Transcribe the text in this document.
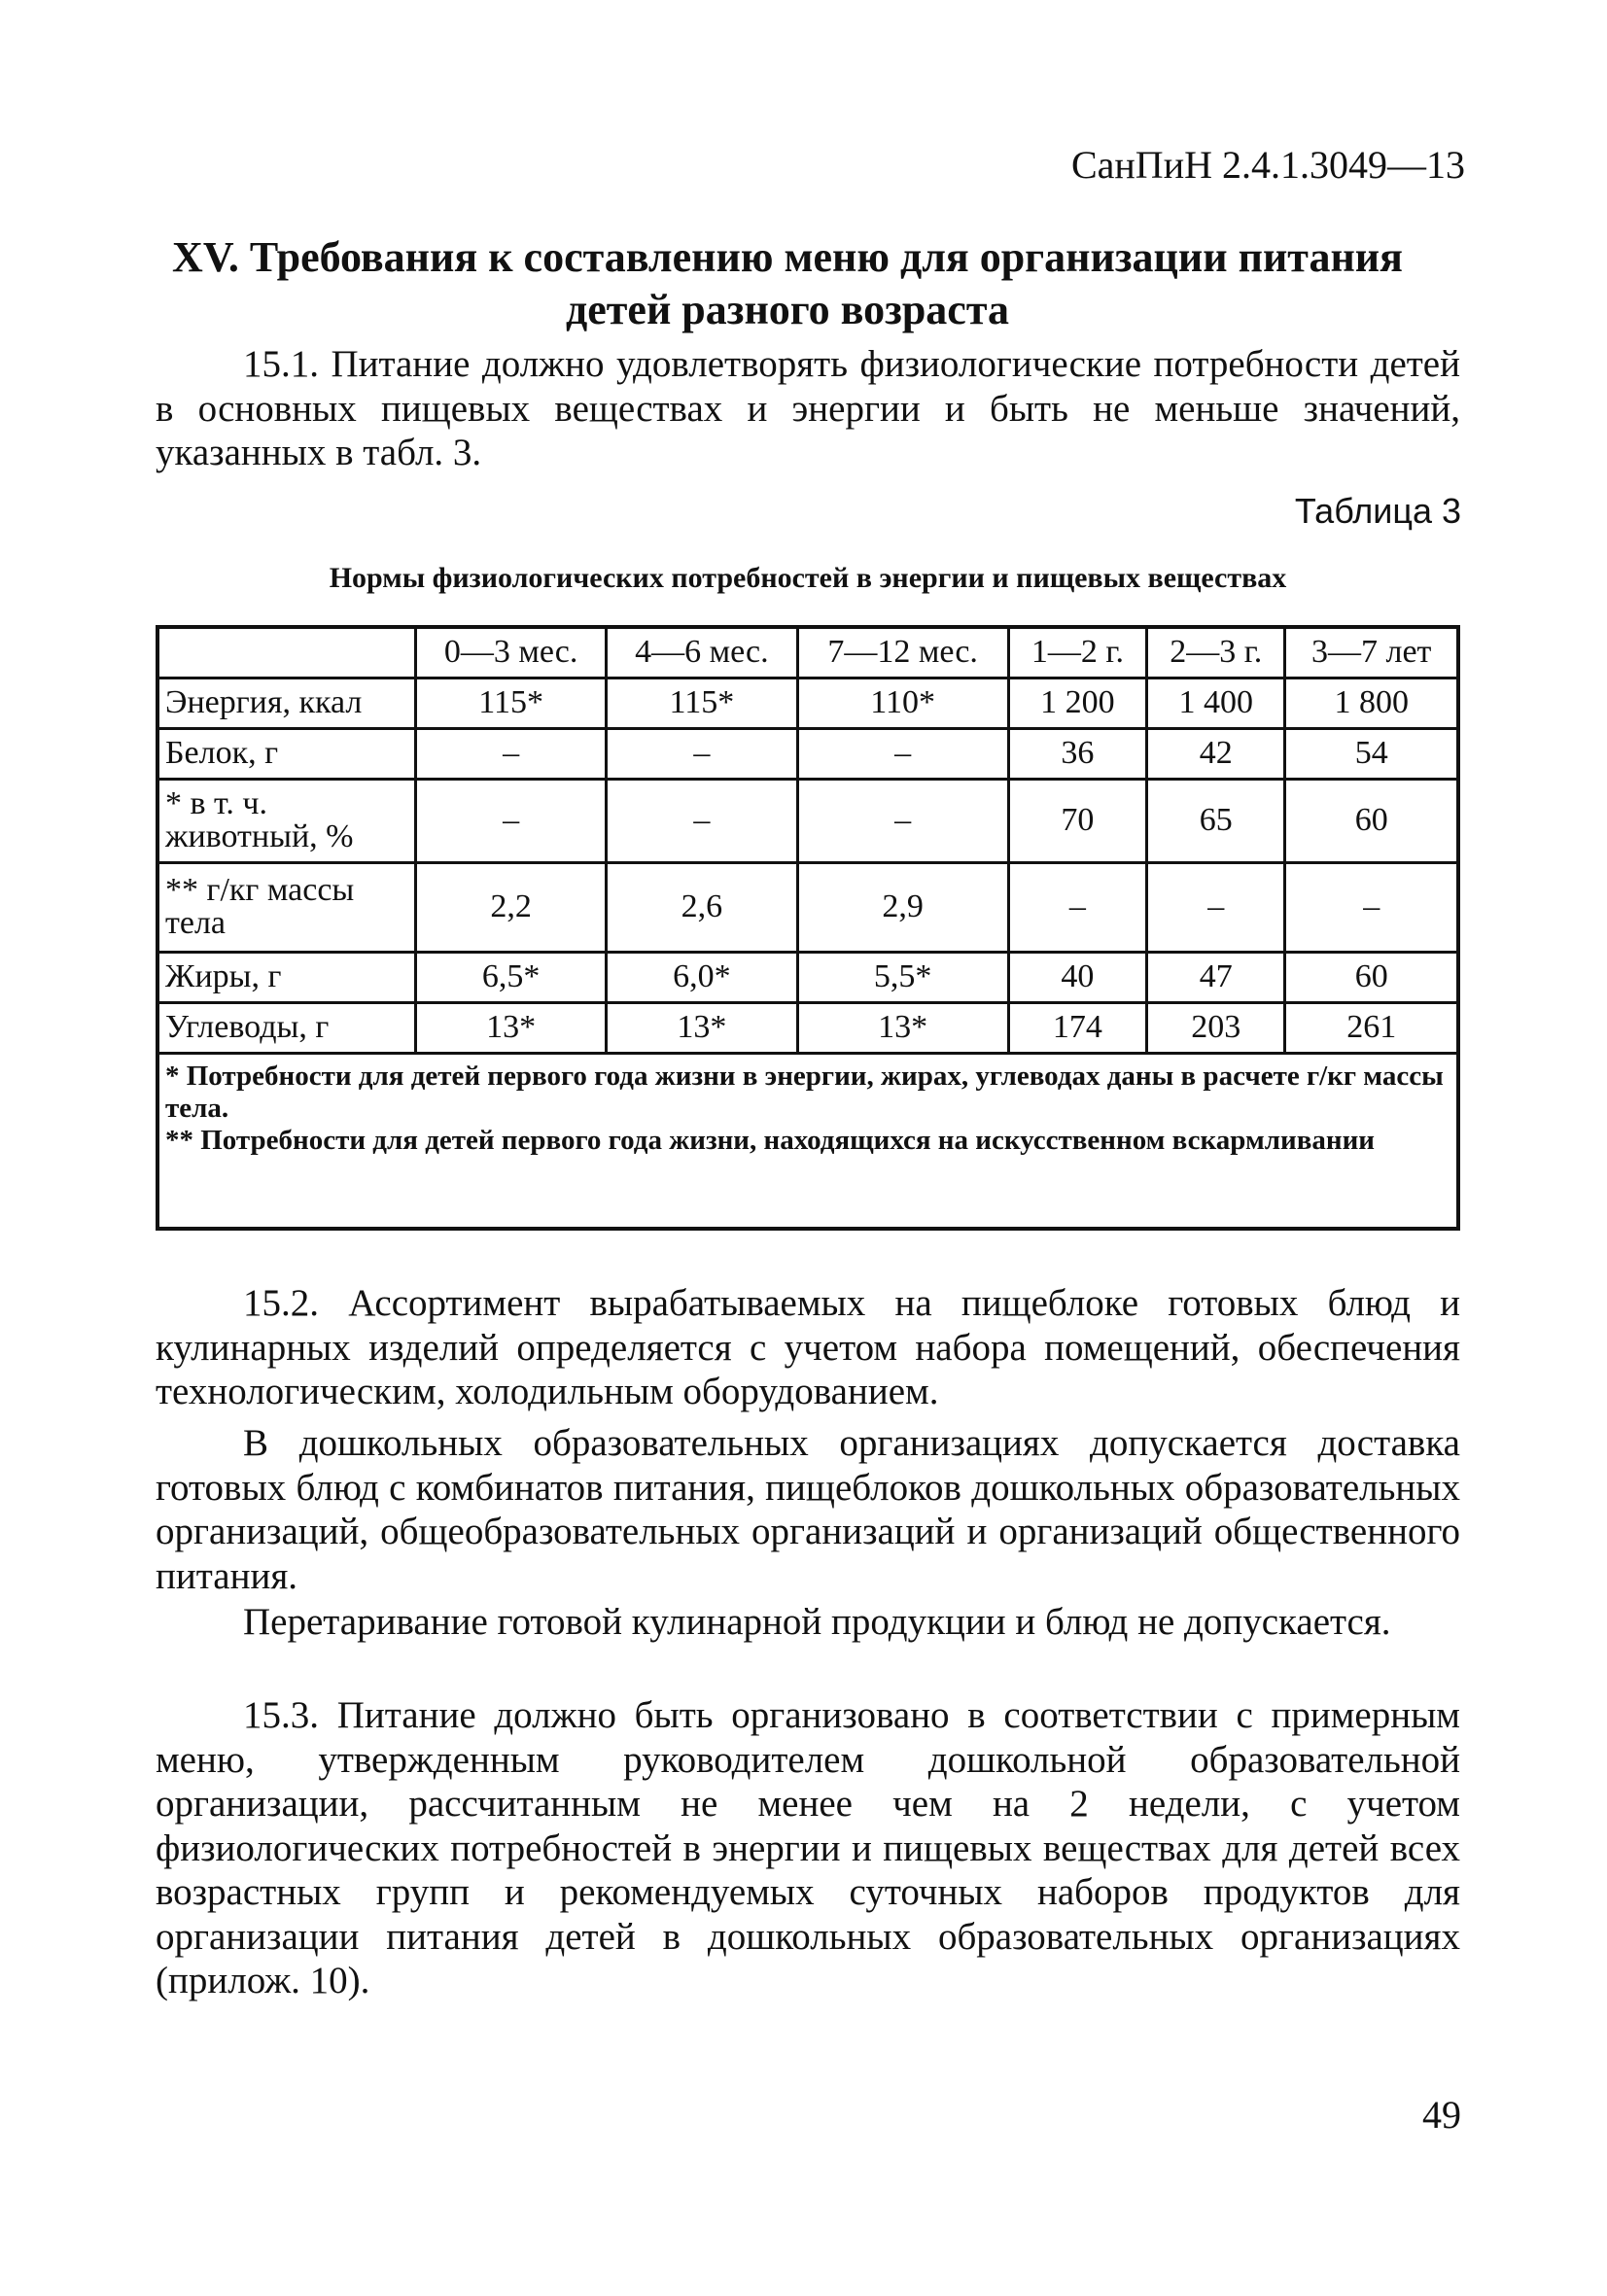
СанПиН 2.4.1.3049—13
XV. Требования к составлению меню для организации питания детей разного возраста

15.1. Питание должно удовлетворять физиологические потребности детей в основных пищевых веществах и энергии и быть не меньше значений, указанных в табл. 3.

Таблица 3
Нормы физиологических потребностей в энергии и пищевых веществах
	0—3 мес.	4—6 мес.	7—12 мес.	1—2 г.	2—3 г.	3—7 лет
Энергия, ккал	115*	115*	110*	1 200	1 400	1 800
Белок, г	–	–	–	36	42	54
* в т. ч. животный, %	–	–	–	70	65	60
** г/кг массы тела	2,2	2,6	2,9	–	–	–
Жиры, г	6,5*	6,0*	5,5*	40	47	60
Углеводы, г	13*	13*	13*	174	203	261

* Потребности для детей первого года жизни в энергии, жирах, углеводах даны в расчете г/кг массы тела.
** Потребности для детей первого года жизни, находящихся на искусственном вскармливании						

15.2. Ассортимент вырабатываемых на пищеблоке готовых блюд и кулинарных изделий определяется с учетом набора помещений, обеспечения технологическим, холодильным оборудованием.

В дошкольных образовательных организациях допускается доставка готовых блюд с комбинатов питания, пищеблоков дошкольных образовательных организаций, общеобразовательных организаций и организаций общественного питания.

Перетаривание готовой кулинарной продукции и блюд не допускается.

15.3. Питание должно быть организовано в соответствии с примерным меню, утвержденным руководителем дошкольной образовательной организации, рассчитанным не менее чем на 2 недели, с учетом физиологических потребностей в энергии и пищевых веществах для детей всех возрастных групп и рекомендуемых суточных наборов продуктов для организации питания детей в дошкольных образовательных организациях (прилож. 10).

49
